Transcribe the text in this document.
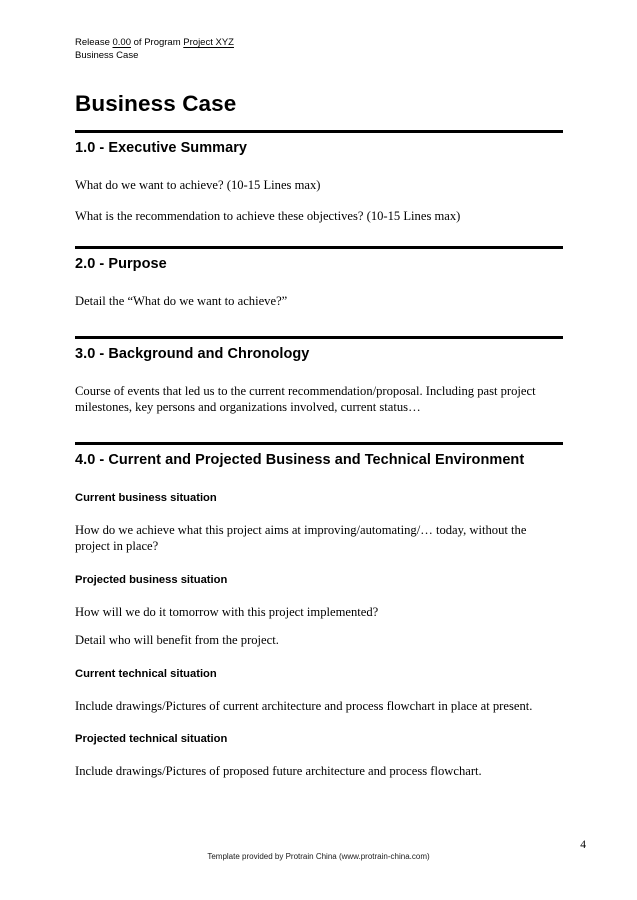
Release 0.00 of Program Project XYZ
Business Case
Business Case
1.0 - Executive Summary

What do we want to achieve? (10-15 Lines max)

What is the recommendation to achieve these objectives? (10-15 Lines max)

2.0 - Purpose

Detail the “What do we want to achieve?”

3.0 - Background and Chronology

Course of events that led us to the current recommendation/proposal. Including past project milestones, key persons and organizations involved, current status…

4.0 - Current and Projected Business and Technical Environment
Current business situation

How do we achieve what this project aims at improving/automating/… today, without the project in place?

Projected business situation

How will we do it tomorrow with this project implemented?

Detail who will benefit from the project.

Current technical situation

Include drawings/Pictures of current architecture and process flowchart in place at present.

Projected technical situation

Include drawings/Pictures of proposed future architecture and process flowchart.

4
Template provided by Protrain China (www.protrain-china.com)
